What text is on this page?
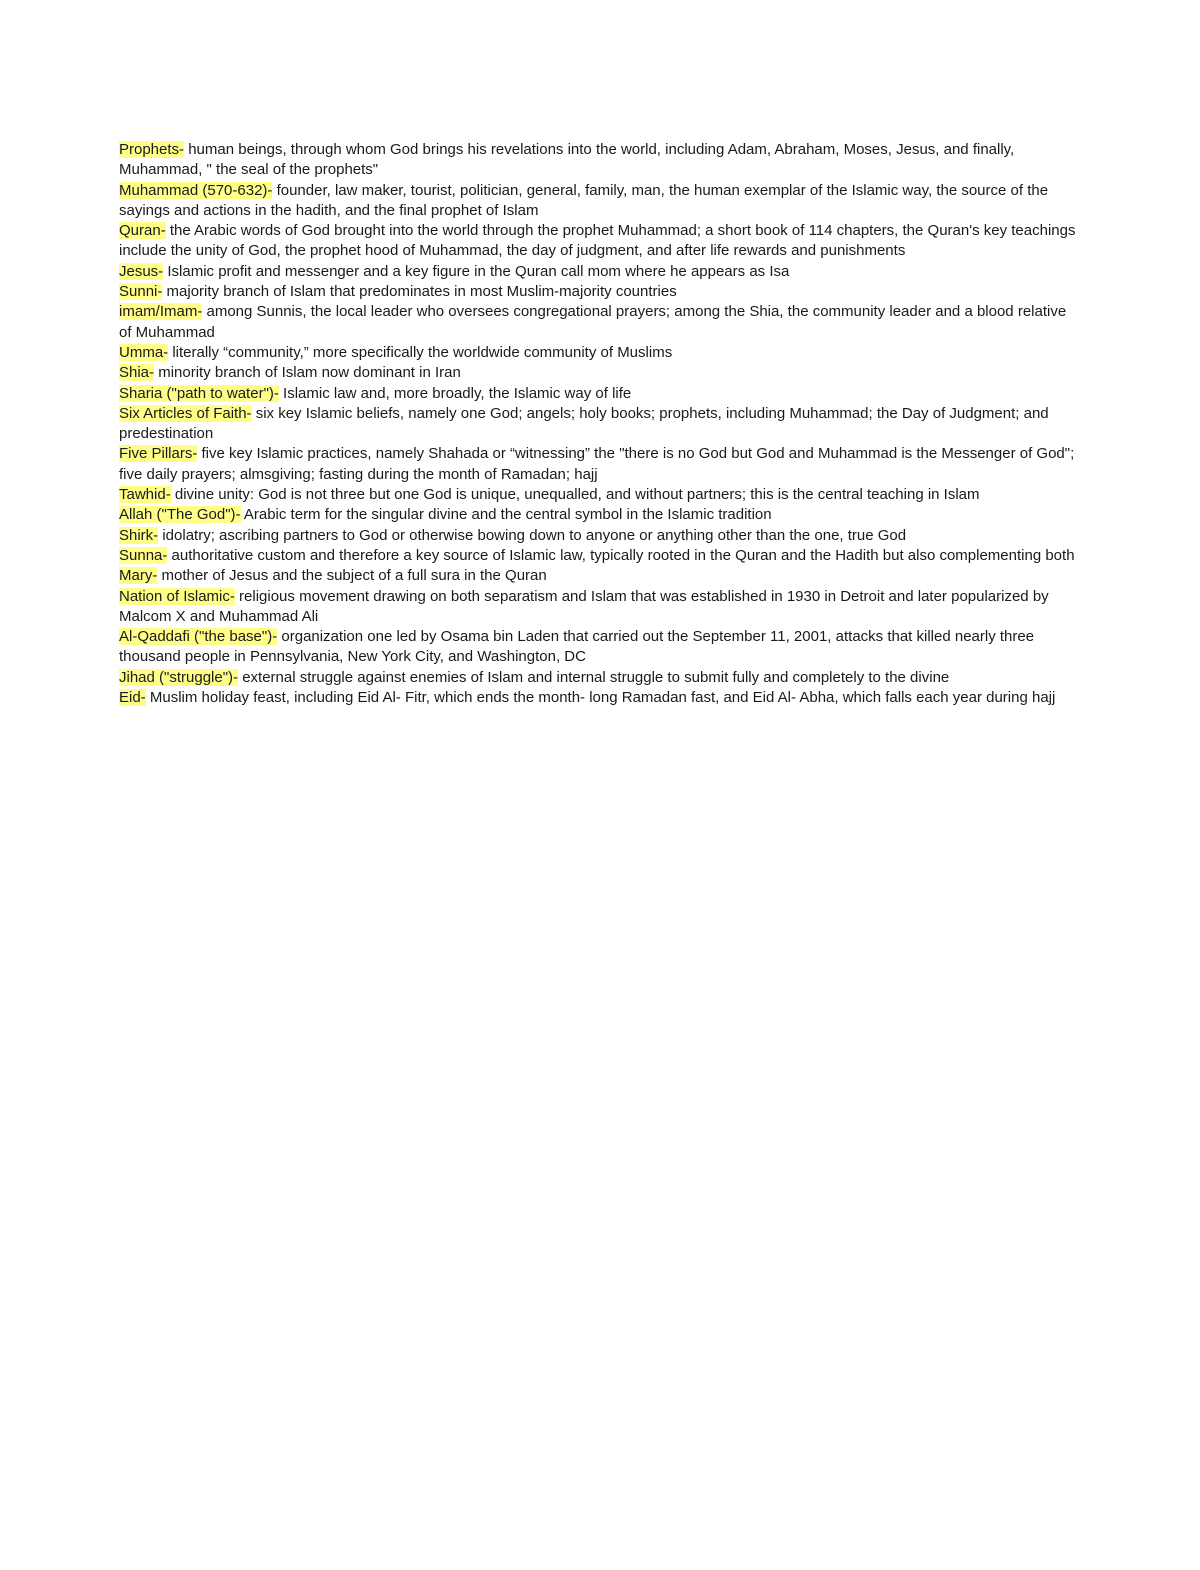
Prophets- human beings, through whom God brings his revelations into the world, including Adam, Abraham, Moses, Jesus, and finally, Muhammad, " the seal of the prophets"

Muhammad (570-632)- founder, law maker, tourist, politician, general, family, man, the human exemplar of the Islamic way, the source of the sayings and actions in the hadith, and the final prophet of Islam

Quran- the Arabic words of God brought into the world through the prophet Muhammad; a short book of 114 chapters, the Quran's key teachings include the unity of God, the prophet hood of Muhammad, the day of judgment, and after life rewards and punishments

Jesus- Islamic profit and messenger and a key figure in the Quran call mom where he appears as Isa

Sunni- majority branch of Islam that predominates in most Muslim-majority countries

imam/Imam- among Sunnis, the local leader who oversees congregational prayers; among the Shia, the community leader and a blood relative of Muhammad

Umma- literally “community,” more specifically the worldwide community of Muslims

Shia- minority branch of Islam now dominant in Iran

Sharia ("path to water")- Islamic law and, more broadly, the Islamic way of life

Six Articles of Faith- six key Islamic beliefs, namely one God; angels; holy books; prophets, including Muhammad; the Day of Judgment; and predestination

Five Pillars- five key Islamic practices, namely Shahada or “witnessing” the "there is no God but God and Muhammad is the Messenger of God"; five daily prayers; almsgiving; fasting during the month of Ramadan; hajj

Tawhid- divine unity: God is not three but one God is unique, unequalled, and without partners; this is the central teaching in Islam

Allah ("The God")- Arabic term for the singular divine and the central symbol in the Islamic tradition

Shirk- idolatry; ascribing partners to God or otherwise bowing down to anyone or anything other than the one, true God

Sunna- authoritative custom and therefore a key source of Islamic law, typically rooted in the Quran and the Hadith but also complementing both

Mary- mother of Jesus and the subject of a full sura in the Quran

Nation of Islamic- religious movement drawing on both separatism and Islam that was established in 1930 in Detroit and later popularized by Malcom X and Muhammad Ali

Al-Qaddafi ("the base")- organization one led by Osama bin Laden that carried out the September 11, 2001, attacks that killed nearly three thousand people in Pennsylvania, New York City, and Washington, DC

Jihad ("struggle")- external struggle against enemies of Islam and internal struggle to submit fully and completely to the divine

Eid- Muslim holiday feast, including Eid Al- Fitr, which ends the month- long Ramadan fast, and Eid Al- Abha, which falls each year during hajj
